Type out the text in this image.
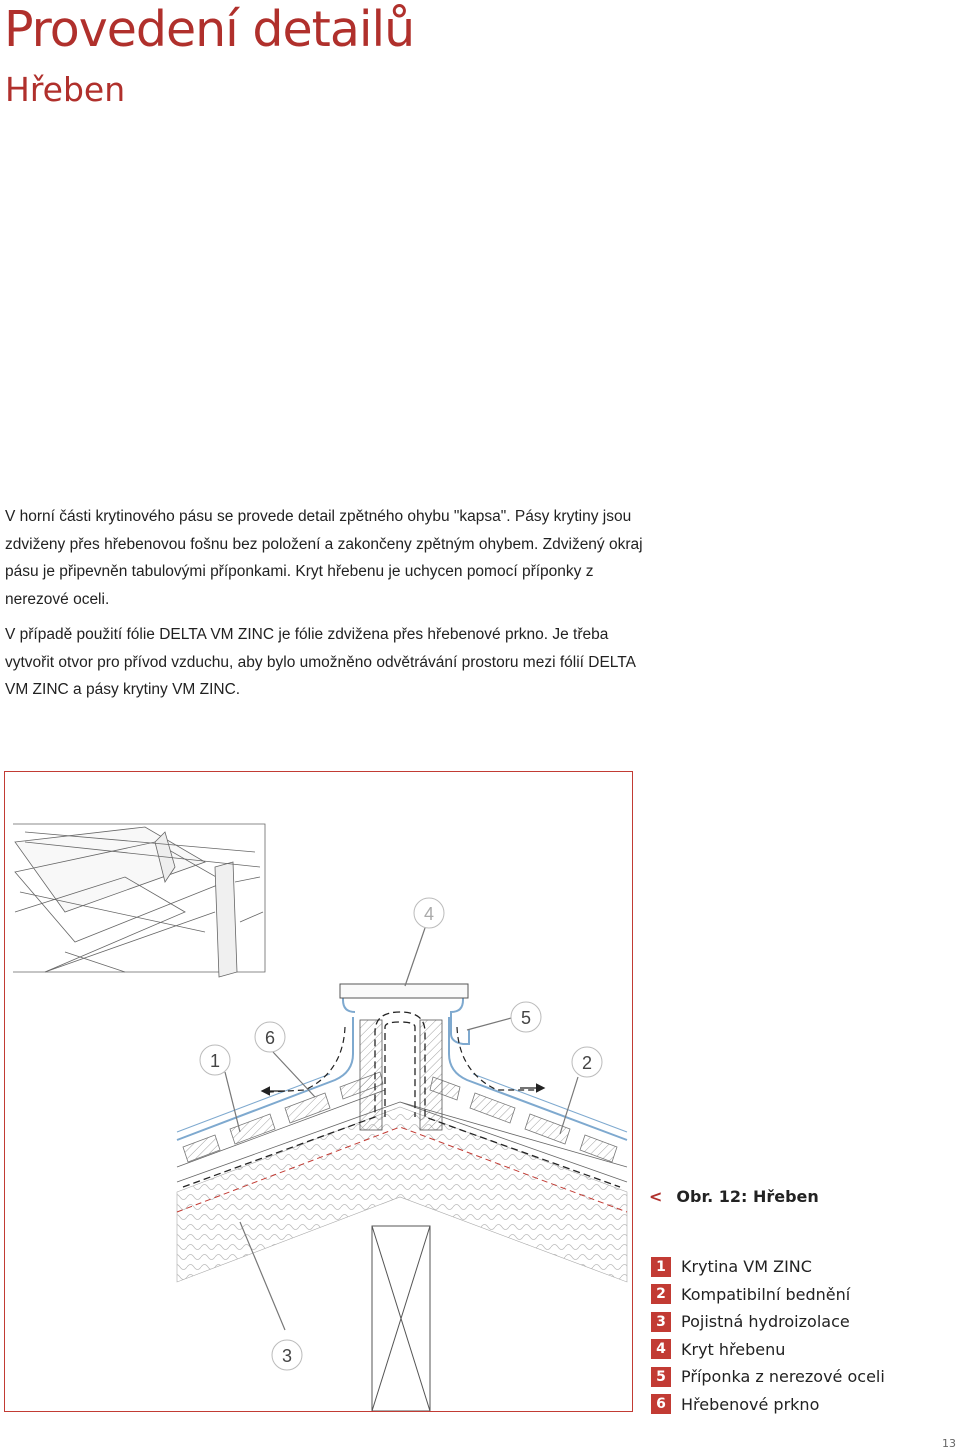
Provedení detailů
Hřeben

V horní části krytinového pásu se provede detail zpětného ohybu "kapsa". Pásy krytiny jsou zdviženy přes hřebenovou fošnu bez položení a zakončeny zpětným ohybem. Zdvižený okraj pásu je připevněn tabulovými příponkami. Kryt hřebenu je uchycen pomocí příponky z nerezové oceli.

V případě použití fólie DELTA VM ZINC je fólie zdvižena přes hřebenové prkno. Je třeba vytvořit otvor pro přívod vzduchu, aby bylo umožněno odvětrávání prostoru mezi fólií DELTA VM ZINC a pásy krytiny VM ZINC.

1
6
4
5
2
3
< Obr. 12: Hřeben
1 Krytina VM ZINC
2 Kompatibilní bednění
3 Pojistná hydroizolace
4 Kryt hřebenu
5 Příponka z nerezové oceli
6 Hřebenové prkno
13
